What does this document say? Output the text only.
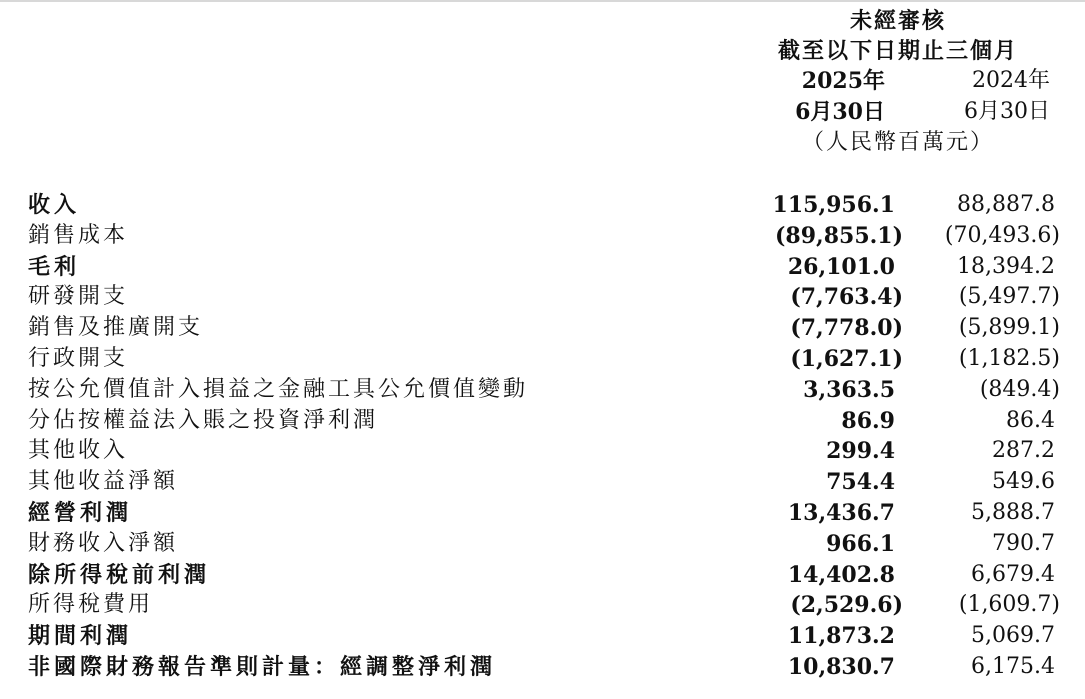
未經審核
截至以下日期止三個月
2025年	2024年
6月30日	6月30日
（人民幣百萬元）
收入	115,956.1	88,887.8
銷售成本	(89,855.1) (70,493.6)
毛利	26,101.0	18,394.2
研發開支	(7,763.4)	(5,497.7)
銷售及推廣開支	(7,778.0)	(5,899.1)
行政開支	(1,627.1)	(1,182.5)
按公允價值計入損益之金融工具公允價值變動	3,363.5	(849.4)
分佔按權益法入賬之投資淨利潤	86.9	86.4
其他收入	299.4	287.2
其他收益淨額	754.4	549.6
經營利潤	13,436.7	5,888.7
財務收入淨額	966.1	790.7
除所得稅前利潤	14,402.8	6,679.4
所得稅費用	(2,529.6)	(1,609.7)
期間利潤	11,873.2	5,069.7
非國際財務報告準則計量：經調整淨利潤	10,830.7	6,175.4
